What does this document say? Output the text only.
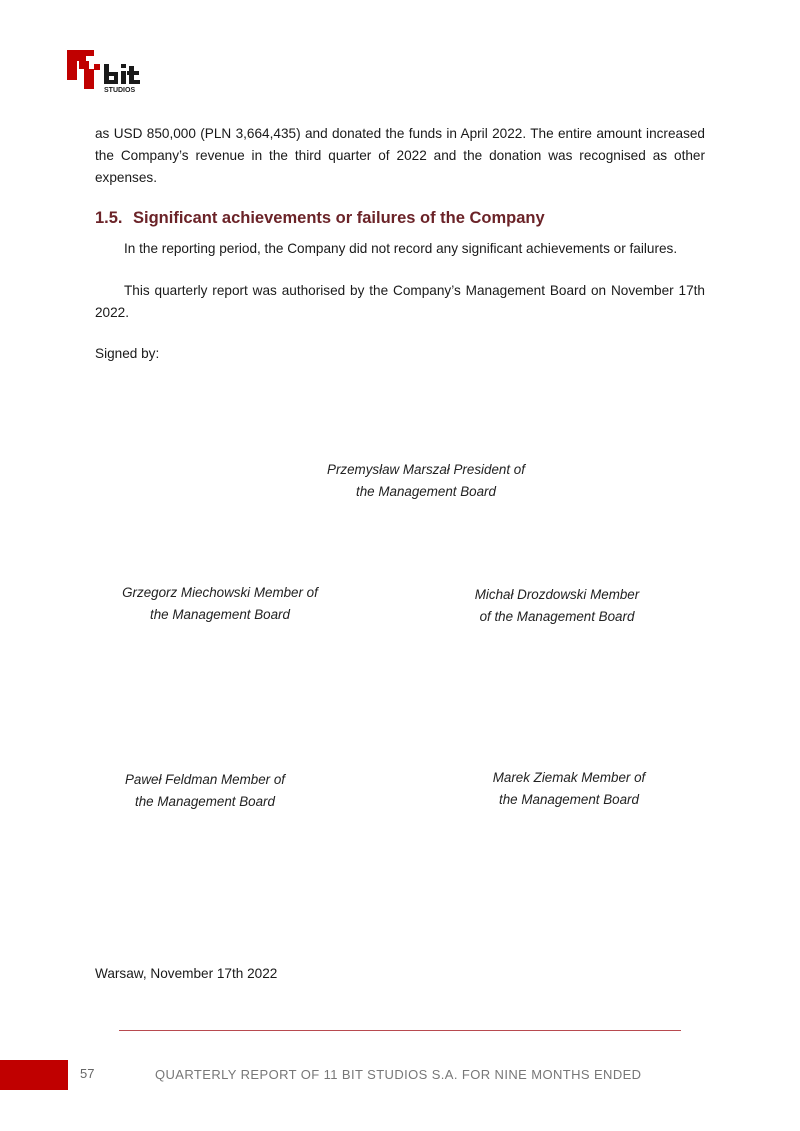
STUDIOS

as USD 850,000 (PLN 3,664,435) and donated the funds in April 2022. The entire amount increased the Company’s revenue in the third quarter of 2022 and the donation was recognised as other expenses.

1.5. Significant achievements or failures of the Company

In the reporting period, the Company did not record any significant achievements or failures.

This quarterly report was authorised by the Company’s Management Board on November 17th 2022.

Signed by:

Przemysław Marszał President of
the Management Board
Grzegorz Miechowski Member of
the Management Board
Michał Drozdowski Member
of the Management Board
Paweł Feldman Member of
the Management Board
Marek Ziemak Member of
the Management Board

Warsaw, November 17th 2022

57	QUARTERLY REPORT OF 11 BIT STUDIOS S.A. FOR NINE MONTHS ENDED
